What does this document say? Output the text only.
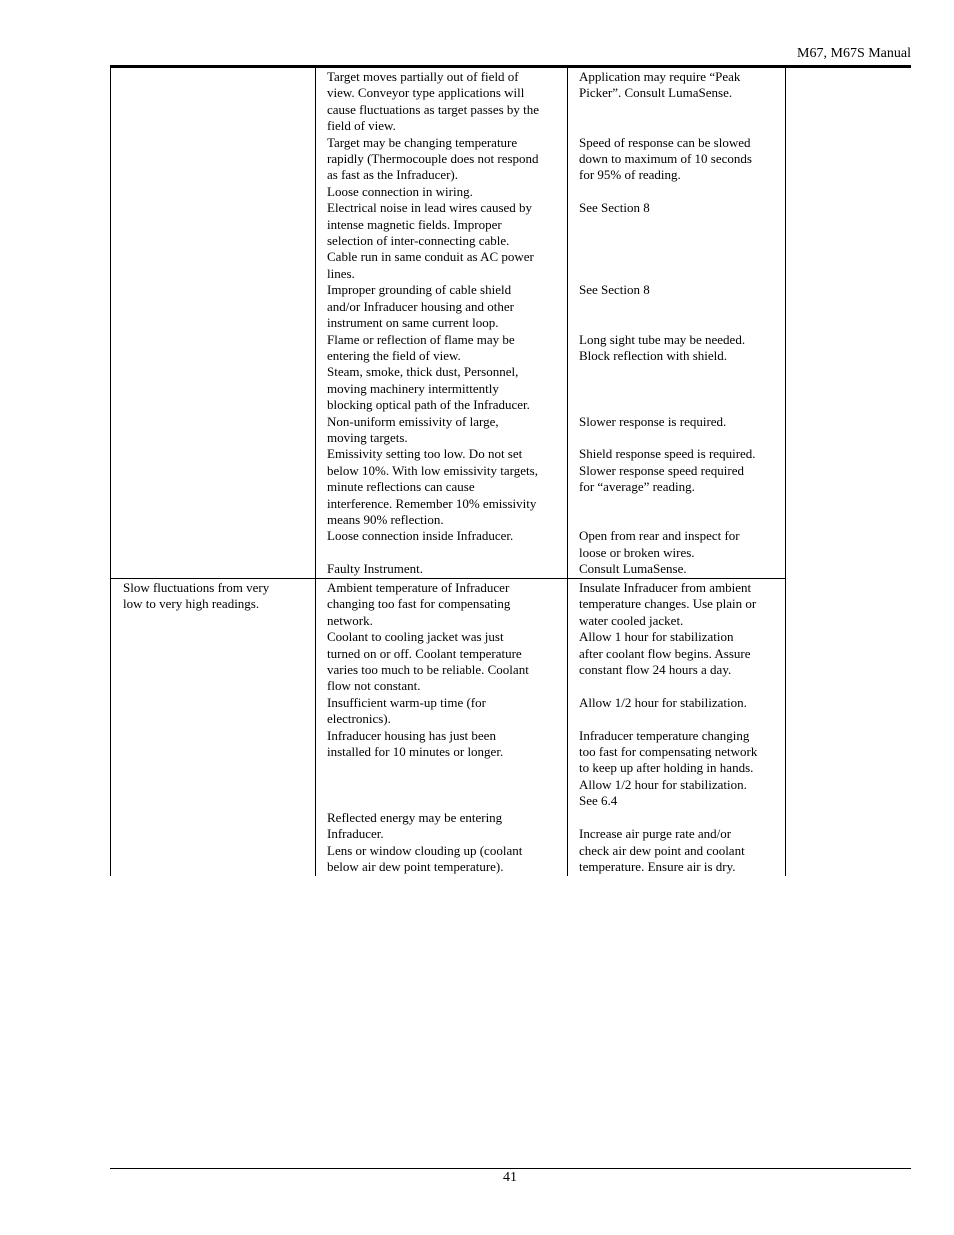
M67, M67S Manual
Target moves partially out of field of
view. Conveyor type applications will
cause fluctuations as target passes by the
field of view.
Target may be changing temperature
rapidly (Thermocouple does not respond
as fast as the Infraducer).
Loose connection in wiring.
Electrical noise in lead wires caused by
intense magnetic fields. Improper
selection of inter-connecting cable.
Cable run in same conduit as AC power
lines.
Improper grounding of cable shield
and/or Infraducer housing and other
instrument on same current loop.
Flame or reflection of flame may be
entering the field of view.
Steam, smoke, thick dust, Personnel,
moving machinery intermittently
blocking optical path of the Infraducer.
Non-uniform emissivity of large,
moving targets.
Emissivity setting too low. Do not set
below 10%. With low emissivity targets,
minute reflections can cause
interference. Remember 10% emissivity
means 90% reflection.
Loose connection inside Infraducer.

Faulty Instrument.
Application may require “Peak
Picker”. Consult LumaSense.

Speed of response can be slowed
down to maximum of 10 seconds
for 95% of reading.

See Section 8

See Section 8

Long sight tube may be needed.
Block reflection with shield.

Slower response is required.

Shield response speed is required.
Slower response speed required
for “average” reading.

Open from rear and inspect for
loose or broken wires.
Consult LumaSense.
Slow fluctuations from very
low to very high readings.
Ambient temperature of Infraducer
changing too fast for compensating
network.
Coolant to cooling jacket was just
turned on or off. Coolant temperature
varies too much to be reliable. Coolant
flow not constant.
Insufficient warm-up time (for
electronics).
Infraducer housing has just been
installed for 10 minutes or longer.

Reflected energy may be entering
Infraducer.
Lens or window clouding up (coolant
below air dew point temperature).
Insulate Infraducer from ambient
temperature changes. Use plain or
water cooled jacket.
Allow 1 hour for stabilization
after coolant flow begins. Assure
constant flow 24 hours a day.

Allow 1/2 hour for stabilization.

Infraducer temperature changing
too fast for compensating network
to keep up after holding in hands.
Allow 1/2 hour for stabilization.
See 6.4

Increase air purge rate and/or
check air dew point and coolant
temperature. Ensure air is dry.
41
